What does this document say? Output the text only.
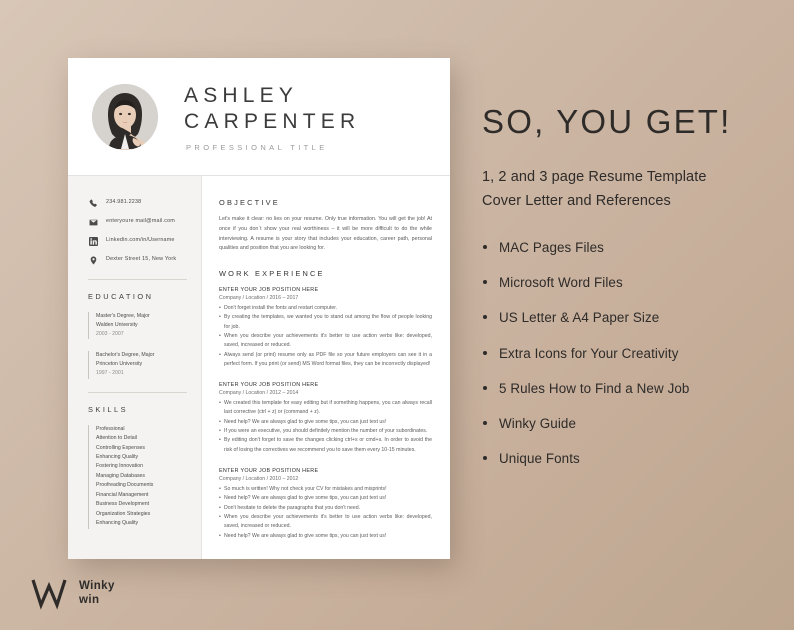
ASHLEY
CARPENTER
PROFESSIONAL TITLE
234.981.2238
enteryoure mail@mail.com
Linkedin.com/in/Username
Dexter Street 15, New York
EDUCATION
Master's Degree, Major
Walden University
2003 - 2007
Bachelor's Degree, Major
Princeton University
1997 - 2001
SKILLS
Professional
Attention to Detail
Controlling Expenses
Enhancing Quality
Fostering Innovation
Managing Databases
Proofreading Documents
Financial Management
Business Development
Organization Strategies
Enhancing Quality
OBJECTIVE
Let's make it clear: no lies on your resume. Only true information. You will get the job! At once if you don`t show your real worthiness – it will be more difficult to do the while interviewing. A resume is your story that includes your education, career path, personal qualities and position that you are looking for.
WORK EXPERIENCE
ENTER YOUR JOB POSITION HERE
Company / Location / 2016 – 2017
• Don't forget install the fonts and restart computer.
• By creating the templates, we wanted you to stand out among the flow of people looking for job.
• When you describe your achievements it's better to use action verbs like: developed, saved, increased or reduced.
• Always send (or print) resume only as PDF file so your future employers can see it in a perfect form. If you print (or send) MS Word format files, they can be incorrectly displayed!
ENTER YOUR JOB POSITION HERE
Company / Location / 2012 – 2014
• We created this template for easy editing but if something happens, you can always recall last corrective (ctrl + z) or (command + z).
• Need help? We are always glad to give some tips, you can just text us!
• If you were an executive, you should definitely mention the number of your subordinates.
• By editing don't forget to save the changes clicking ctrl+s or cmd+s. In order to avoid the risk of losing the correctives we recommend you to save them every 10-15 minutes.
ENTER YOUR JOB POSITION HERE
Company / Location / 2010 – 2012
• So much is written! Why not check your CV for mistakes and misprints!
• Need help? We are always glad to give some tips, you can just text us!
• Don't hesitate to delete the paragraphs that you don't need.
• When you describe your achievements it's better to use action verbs like: developed, saved, increased or reduced.
• Need help? We are always glad to give some tips, you can just text us!
SO, YOU GET!
1, 2 and 3 page Resume Template
Cover Letter and References
MAC Pages Files
Microsoft Word Files
US Letter & A4 Paper Size
Extra Icons for Your Creativity
5 Rules How to Find a New Job
Winky Guide
Unique Fonts
Winky
win
